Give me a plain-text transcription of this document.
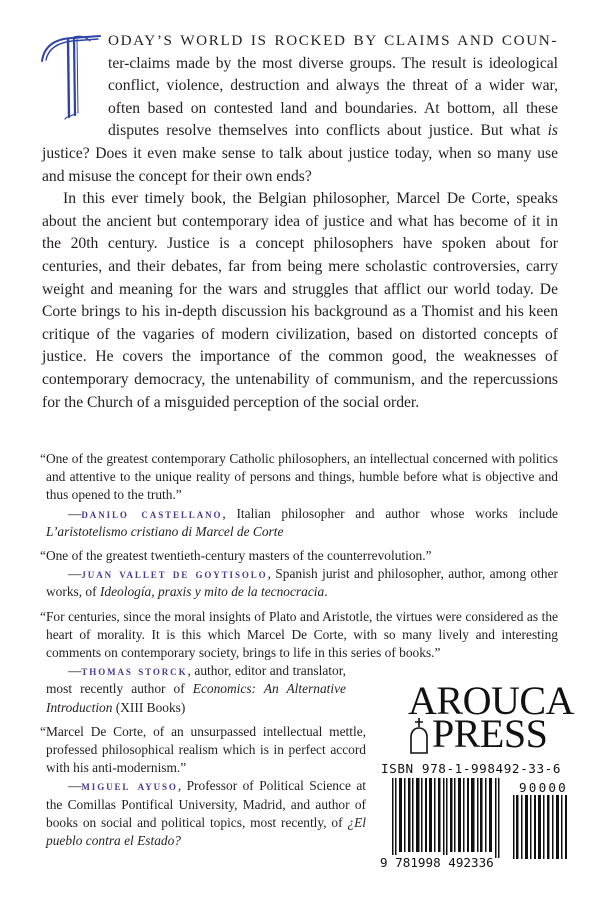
ODAY’S WORLD IS ROCKED BY CLAIMS AND COUN- ter-claims made by the most diverse groups. The result is ideological conflict, violence, destruction and always the threat of a wider war, often based on contested land and boundaries. At bottom, all these disputes resolve themselves into conflicts about justice. But what is justice? Does it even make sense to talk about justice today, when so many use and misuse the concept for their own ends?

In this ever timely book, the Belgian philosopher, Marcel De Corte, speaks about the ancient but contemporary idea of justice and what has become of it in the 20th century. Justice is a concept philosophers have spoken about for centuries, and their debates, far from being mere scholastic controversies, carry weight and meaning for the wars and struggles that afflict our world today. De Corte brings to his in-depth discussion his background as a Thomist and his keen critique of the vagaries of modern civilization, based on distorted concepts of justice. He covers the importance of the common good, the weaknesses of contemporary democracy, the untenability of communism, and the repercussions for the Church of a misguided perception of the social order.

“One of the greatest contemporary Catholic philosophers, an intellectual concerned with politics and attentive to the unique reality of persons and things, humble before what is objective and thus opened to the truth.”
—danilo castellano, Italian philosopher and author whose works include L’aristotelismo cristiano di Marcel de Corte
“One of the greatest twentieth-century masters of the counterrevolution.”
—juan vallet de goytisolo, Spanish jurist and philosopher, author, among other works, of Ideología, praxis y mito de la tecnocracia.
“For centuries, since the moral insights of Plato and Aristotle, the virtues were considered as the heart of morality. It is this which Marcel De Corte, with so many lively and interesting comments on contemporary society, brings to life in this series of books.”
—thomas storck, author, editor and translator, most recently author of Economics: An Alternative Introduction (XIII Books)
“Marcel De Corte, of an unsurpassed intellectual mettle, professed philosophical realism which is in perfect accord with his anti-modernism.”
—miguel ayuso, Professor of Political Science at the Comillas Pontifical University, Madrid, and author of books on social and political topics, most recently, of ¿El pueblo contra el Estado?
AROUCA
PRESS
ISBN 978-1-998492-33-6
90000
9 781998 492336
